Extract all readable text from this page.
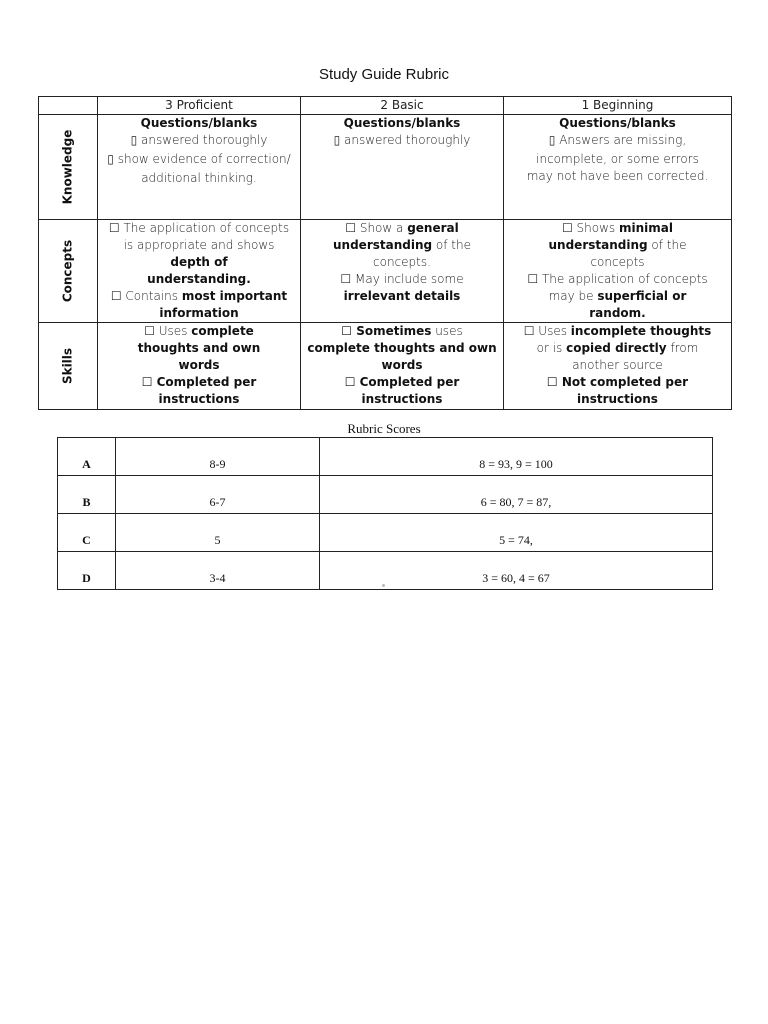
Study Guide Rubric
	3 Proficient	2 Basic	1 Beginning

Knowledge	Questions/blanks
▯ answered thoroughly
▯ show evidence of correction/
additional thinking.	Questions/blanks
▯ answered thoroughly	Questions/blanks
▯ Answers are missing,
incomplete, or some errors
may not have been corrected.

Concepts	☐ The application of concepts
is appropriate and shows
depth of understanding.
☐ Contains most important information	☐ Show a general
understanding of the concepts.
☐ May include some
irrelevant details	☐ Shows minimal
understanding of the concepts
☐ The application of concepts
may be superficial or random.

Skills	☐ Uses complete thoughts and own words
☐ Completed per instructions	☐ Sometimes uses
complete thoughts and own words
☐ Completed per instructions	☐ Uses incomplete thoughts
or is copied directly from another source
☐ Not completed per instructions
Rubric Scores
A	8-9	8 = 93, 9 = 100
B	6-7	6 = 80, 7 = 87,
C	5	5 = 74,
D	3-4	3 = 60, 4 = 67
